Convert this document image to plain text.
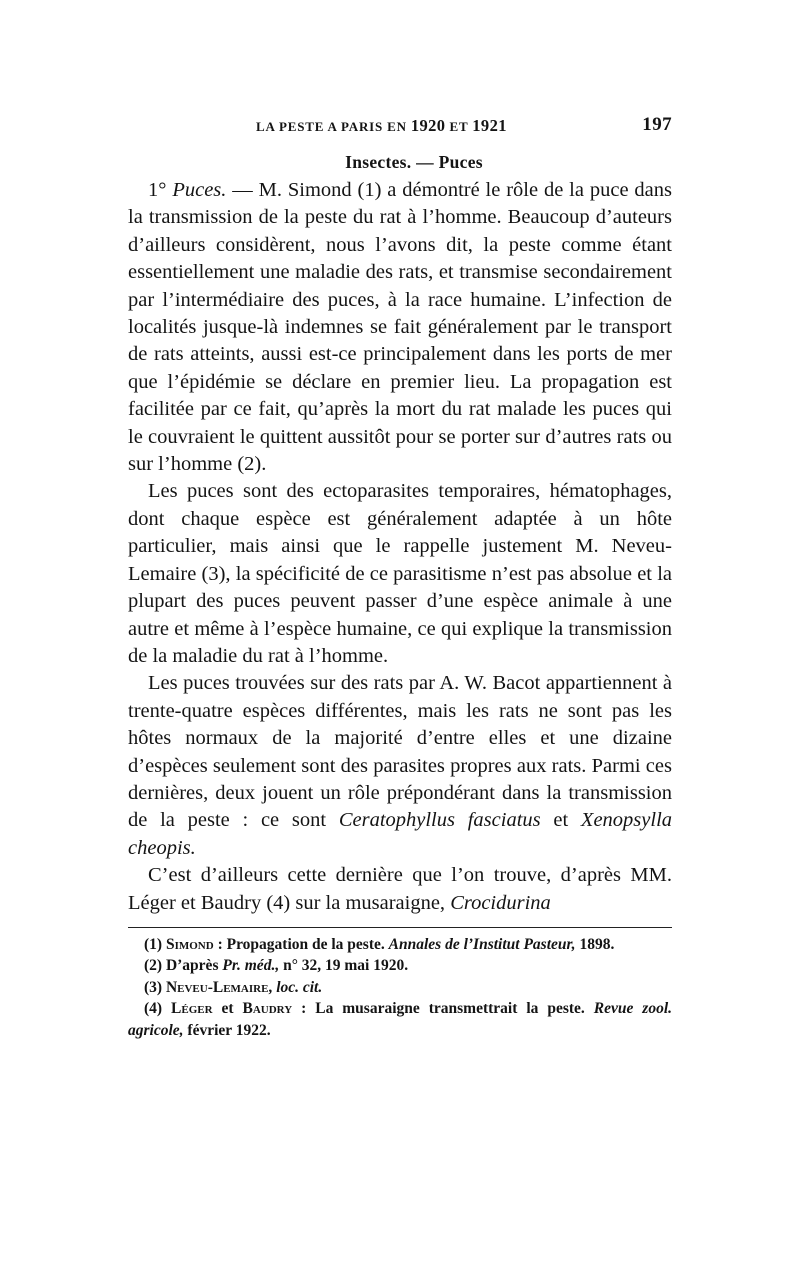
LA PESTE A PARIS EN 1920 ET 1921	197
Insectes. — Puces

1° Puces. — M. Simond (1) a démontré le rôle de la puce dans la transmission de la peste du rat à l’homme. Beaucoup d’auteurs d’ailleurs considèrent, nous l’avons dit, la peste comme étant essentiellement une maladie des rats, et transmise secondairement par l’intermédiaire des puces, à la race humaine. L’infection de localités jusque-là indemnes se fait généralement par le transport de rats atteints, aussi est-ce principalement dans les ports de mer que l’épidémie se déclare en premier lieu. La propagation est facilitée par ce fait, qu’après la mort du rat malade les puces qui le couvraient le quittent aussitôt pour se porter sur d’autres rats ou sur l’homme (2).

Les puces sont des ectoparasites temporaires, hématophages, dont chaque espèce est généralement adaptée à un hôte particulier, mais ainsi que le rappelle justement M. Neveu-Lemaire (3), la spécificité de ce parasitisme n’est pas absolue et la plupart des puces peuvent passer d’une espèce animale à une autre et même à l’espèce humaine, ce qui explique la transmission de la maladie du rat à l’homme.

Les puces trouvées sur des rats par A. W. Bacot appartiennent à trente-quatre espèces différentes, mais les rats ne sont pas les hôtes normaux de la majorité d’entre elles et une dizaine d’espèces seulement sont des parasites propres aux rats. Parmi ces dernières, deux jouent un rôle prépondérant dans la transmission de la peste : ce sont Ceratophyllus fasciatus et Xenopsylla cheopis.

C’est d’ailleurs cette dernière que l’on trouve, d’après MM. Léger et Baudry (4) sur la musaraigne, Crocidurina

(1) Simond : Propagation de la peste. Annales de l’Institut Pasteur, 1898.

(2) D’après Pr. méd., n° 32, 19 mai 1920.

(3) Neveu-Lemaire, loc. cit.

(4) Léger et Baudry : La musaraigne transmettrait la peste. Revue zool. agricole, février 1922.
